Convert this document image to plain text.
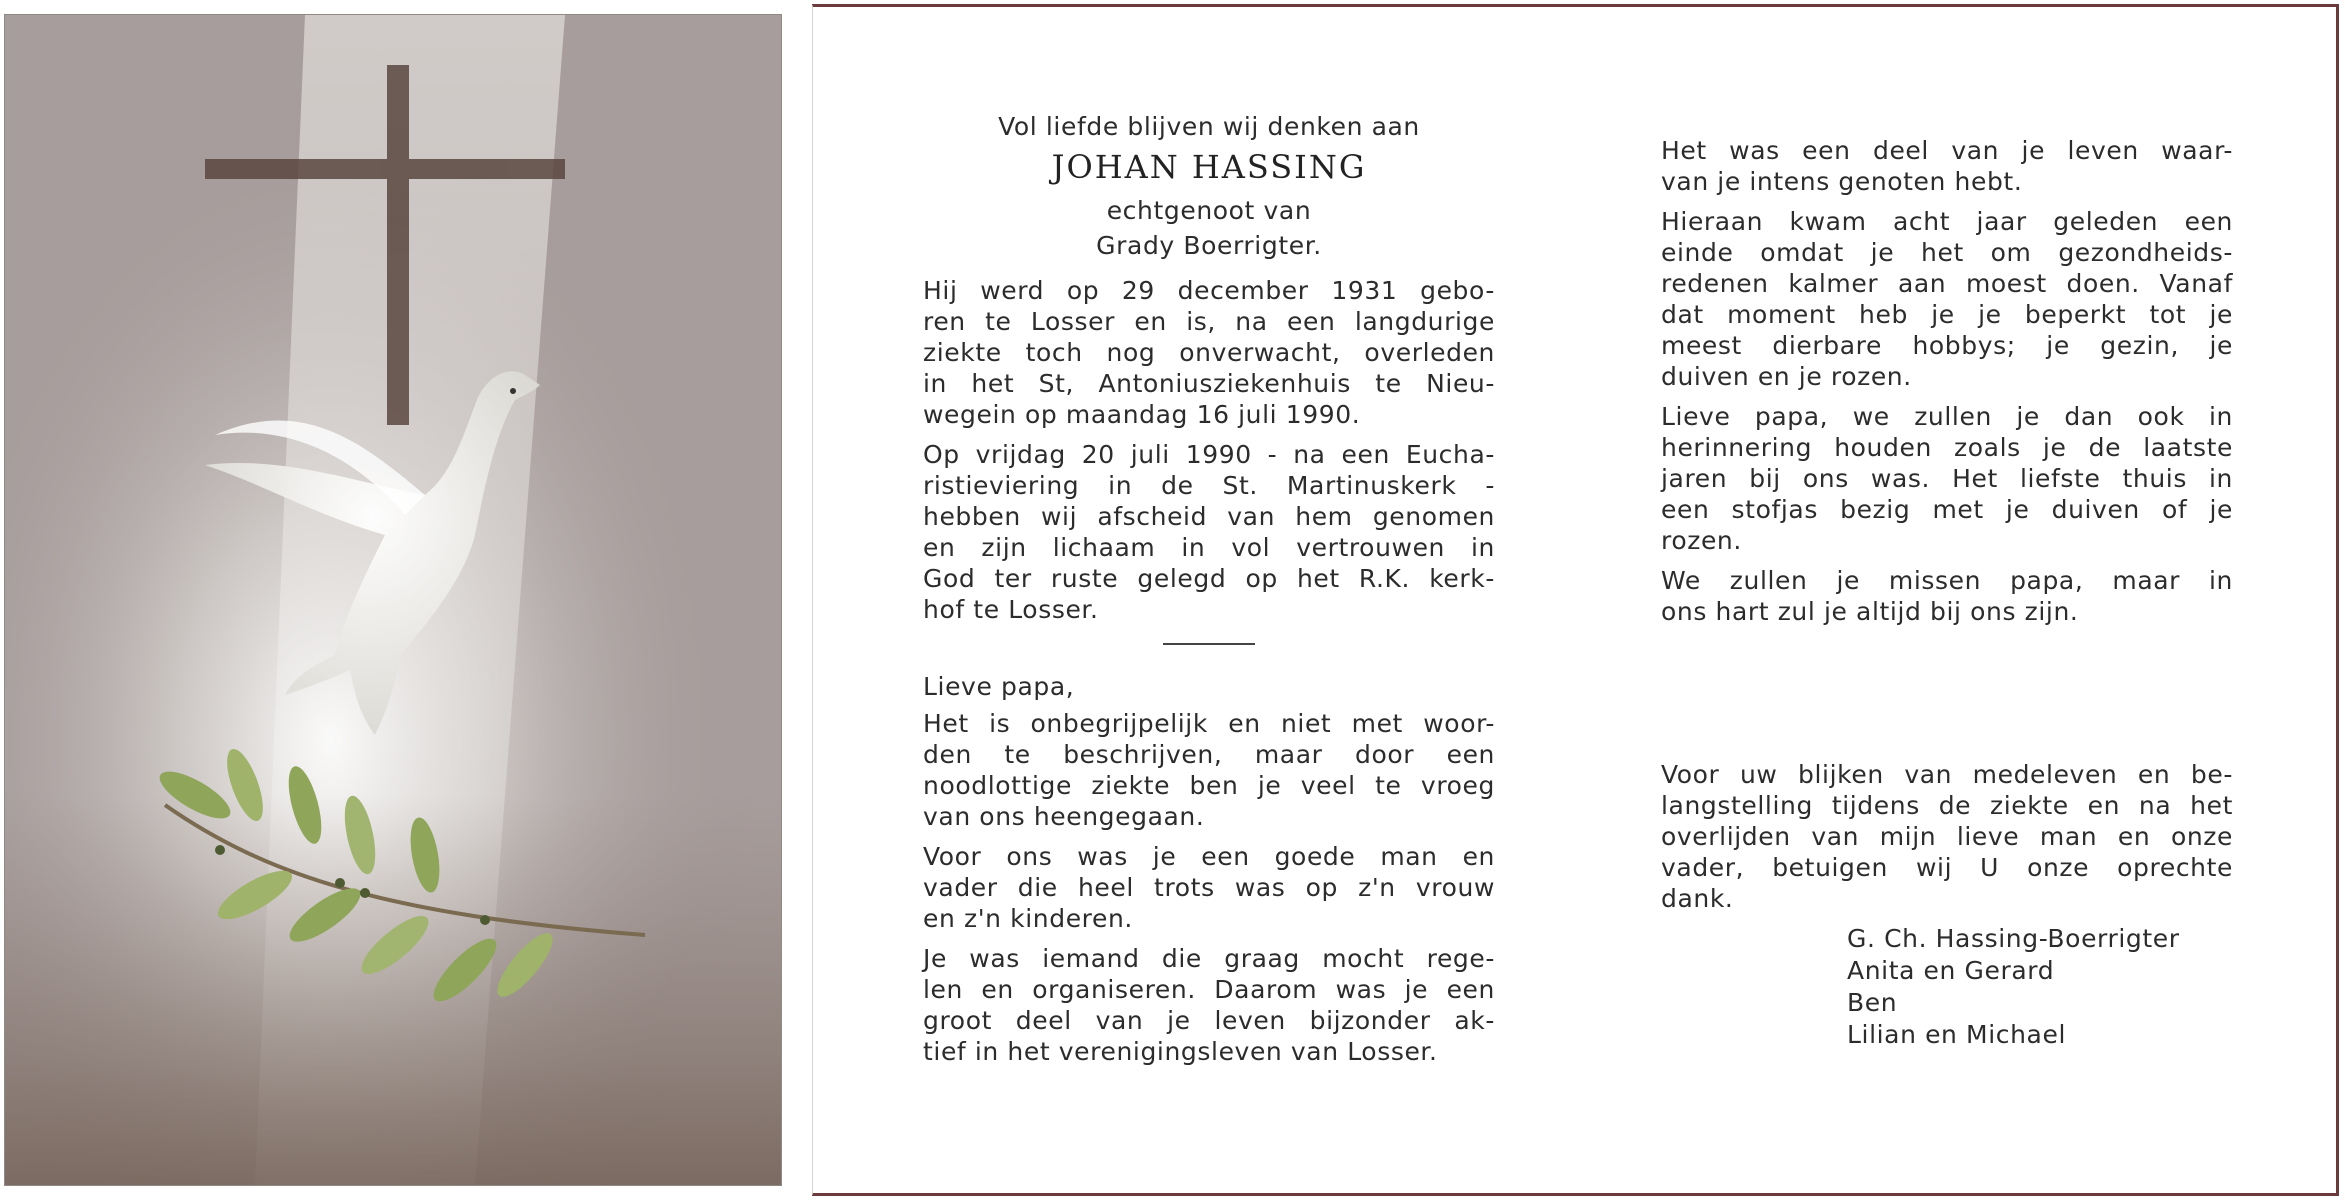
Vol liefde blijven wij denken aan
JOHAN HASSING
echtgenoot van
Grady Boerrigter.

Hij werd op 29 december 1931 gebo-
ren te Losser en is, na een langdurige
ziekte toch nog onverwacht, overleden
in het St, Antoniusziekenhuis te Nieu-
wegein op maandag 16 juli 1990.

Op vrijdag 20 juli 1990 - na een Eucha-
ristieviering in de St. Martinuskerk -
hebben wij afscheid van hem genomen
en zijn lichaam in vol vertrouwen in
God ter ruste gelegd op het R.K. kerk-
hof te Losser.

Lieve papa,

Het is onbegrijpelijk en niet met woor-
den te beschrijven, maar door een
noodlottige ziekte ben je veel te vroeg
van ons heengegaan.

Voor ons was je een goede man en
vader die heel trots was op z'n vrouw
en z'n kinderen.

Je was iemand die graag mocht rege-
len en organiseren. Daarom was je een
groot deel van je leven bijzonder ak-
tief in het verenigingsleven van Losser.

Het was een deel van je leven waar-
van je intens genoten hebt.

Hieraan kwam acht jaar geleden een
einde omdat je het om gezondheids-
redenen kalmer aan moest doen. Vanaf
dat moment heb je je beperkt tot je
meest dierbare hobbys; je gezin, je
duiven en je rozen.

Lieve papa, we zullen je dan ook in
herinnering houden zoals je de laatste
jaren bij ons was. Het liefste thuis in
een stofjas bezig met je duiven of je
rozen.

We zullen je missen papa, maar in
ons hart zul je altijd bij ons zijn.

Voor uw blijken van medeleven en be-
langstelling tijdens de ziekte en na het
overlijden van mijn lieve man en onze
vader, betuigen wij U onze oprechte
dank.

G. Ch. Hassing-Boerrigter
Anita en Gerard
Ben
Lilian en Michael
